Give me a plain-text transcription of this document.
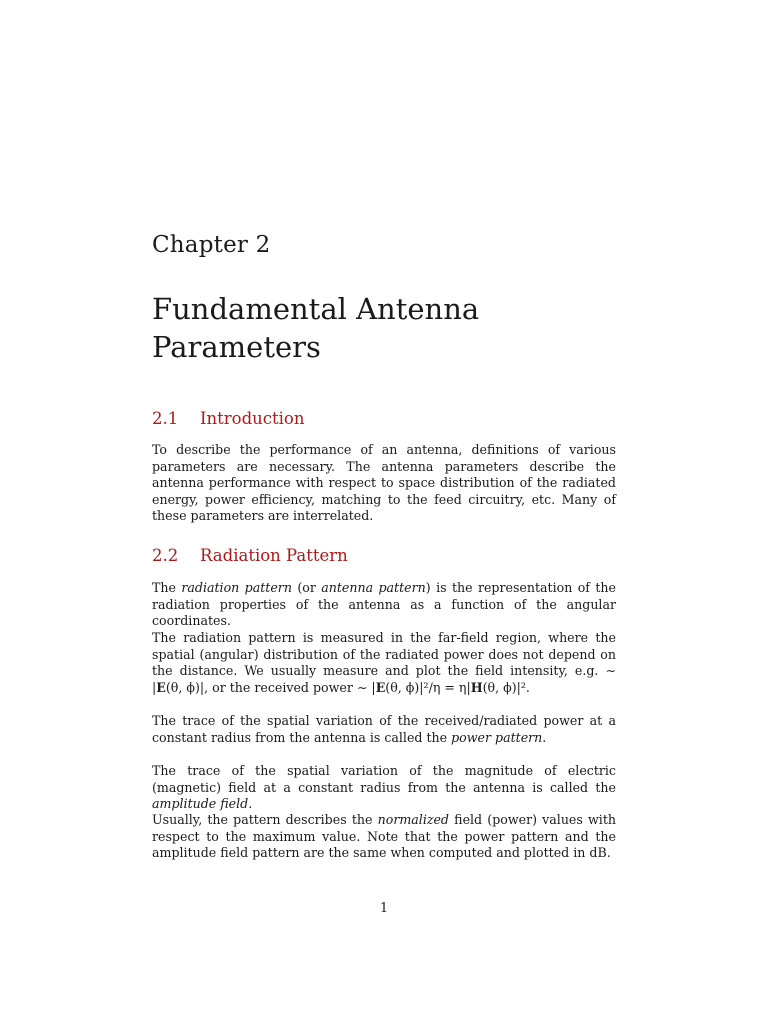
Chapter 2
Fundamental Antenna Parameters
2.1 Introduction

To describe the performance of an antenna, definitions of various parameters are necessary. The antenna parameters describe the antenna performance with respect to space distribution of the radiated energy, power efficiency, matching to the feed circuitry, etc. Many of these parameters are interrelated.

2.2 Radiation Pattern

The radiation pattern (or antenna pattern) is the representation of the radiation properties of the antenna as a function of the angular coordinates.

The radiation pattern is measured in the far-field region, where the spatial (angular) distribution of the radiated power does not depend on the distance. We usually measure and plot the field intensity, e.g. ∼ |E(θ, ϕ)|, or the received power ∼ |E(θ, ϕ)|²/η = η|H(θ, ϕ)|².

The trace of the spatial variation of the received/radiated power at a constant radius from the antenna is called the power pattern.

The trace of the spatial variation of the magnitude of electric (magnetic) field at a constant radius from the antenna is called the amplitude field.

Usually, the pattern describes the normalized field (power) values with respect to the maximum value. Note that the power pattern and the amplitude field pattern are the same when computed and plotted in dB.

1
